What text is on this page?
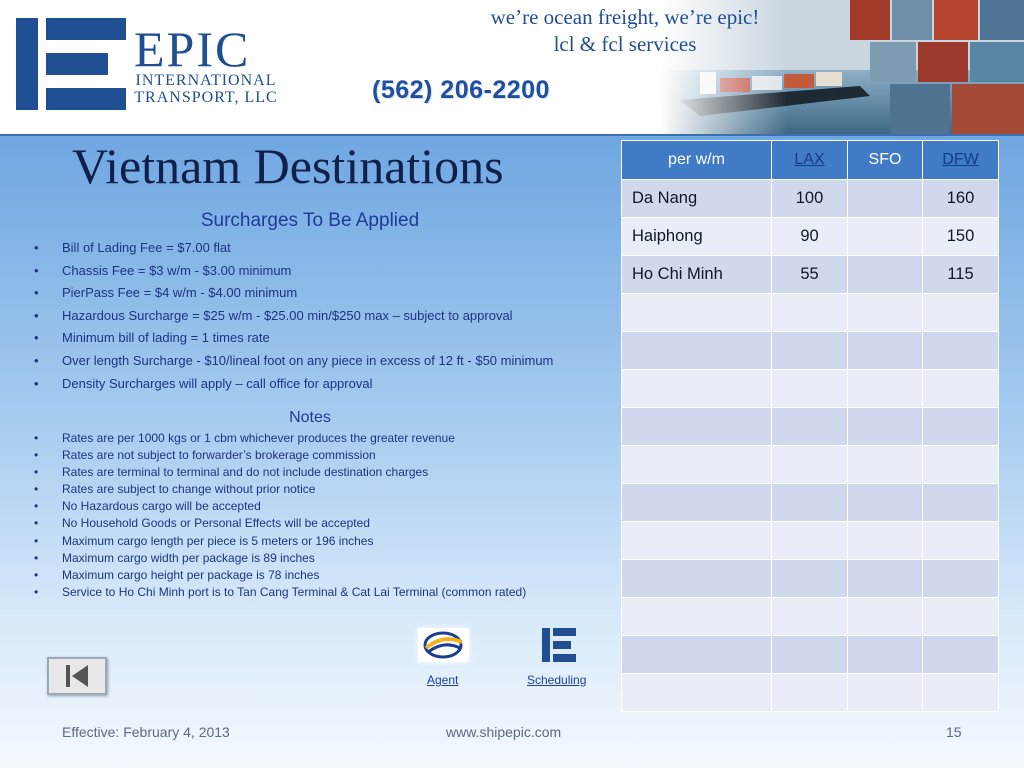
EPIC
INTERNATIONAL
TRANSPORT, LLC	(562) 206-2200
we’re ocean freight, we’re epic!
lcl & fcl services
Vietnam Destinations
Surcharges To Be Applied
• Bill of Lading Fee = $7.00 flat
• Chassis Fee = $3 w/m - $3.00 minimum
• PierPass Fee = $4 w/m - $4.00 minimum
• Hazardous Surcharge = $25 w/m - $25.00 min/$250 max – subject to approval
• Minimum bill of lading = 1 times rate
• Over length Surcharge - $10/lineal foot on any piece in excess of 12 ft - $50 minimum
• Density Surcharges will apply – call office for approval
Notes
• Rates are per 1000 kgs or 1 cbm whichever produces the greater revenue
• Rates are not subject to forwarder’s brokerage commission
• Rates are terminal to terminal and do not include destination charges
• Rates are subject to change without prior notice
• No Hazardous cargo will be accepted
• No Household Goods or Personal Effects will be accepted
• Maximum cargo length per piece is 5 meters or 196 inches
• Maximum cargo width per package is 89 inches
• Maximum cargo height per package is 78 inches
• Service to Ho Chi Minh port is to Tan Cang Terminal & Cat Lai Terminal (common rated)
per w/m	LAX	SFO	DFW
Da Nang	100		160
Haiphong	90		150
Ho Chi Minh	55		115

Agent	Scheduling
Effective: February 4, 2013	www.shipepic.com	15
